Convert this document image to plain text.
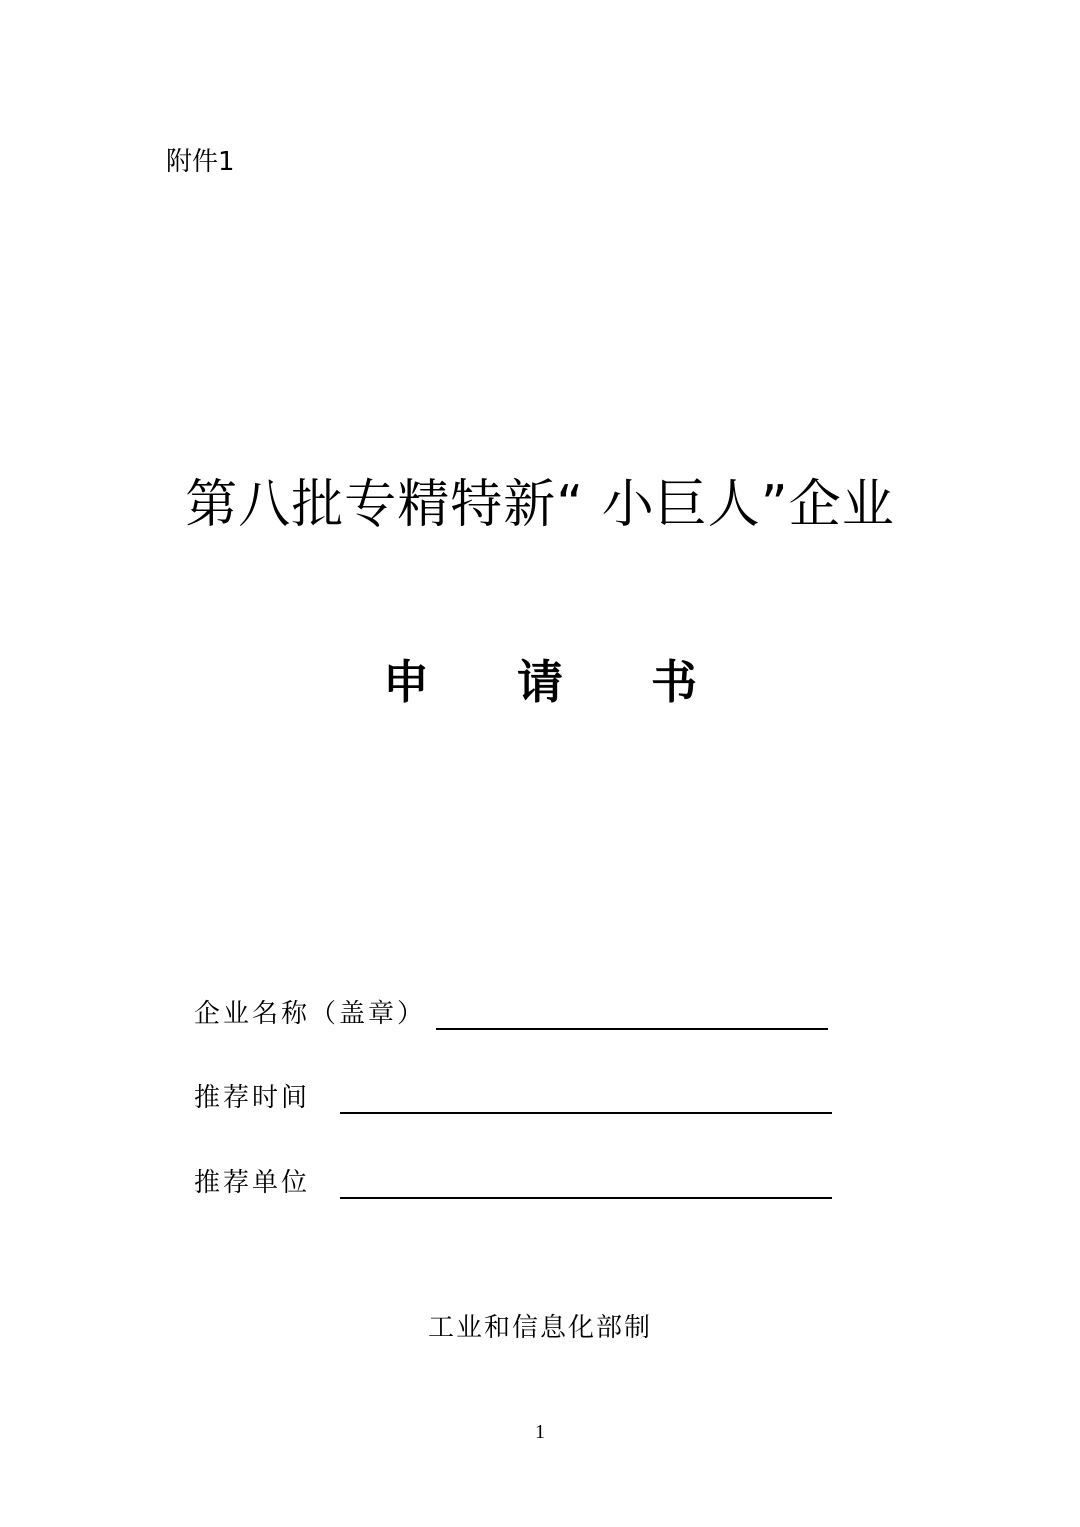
附件1
第八批专精特新“ 小巨人”企业
申 请 书
企业名称（盖章）
推荐时间
推荐单位
工业和信息化部制
1
